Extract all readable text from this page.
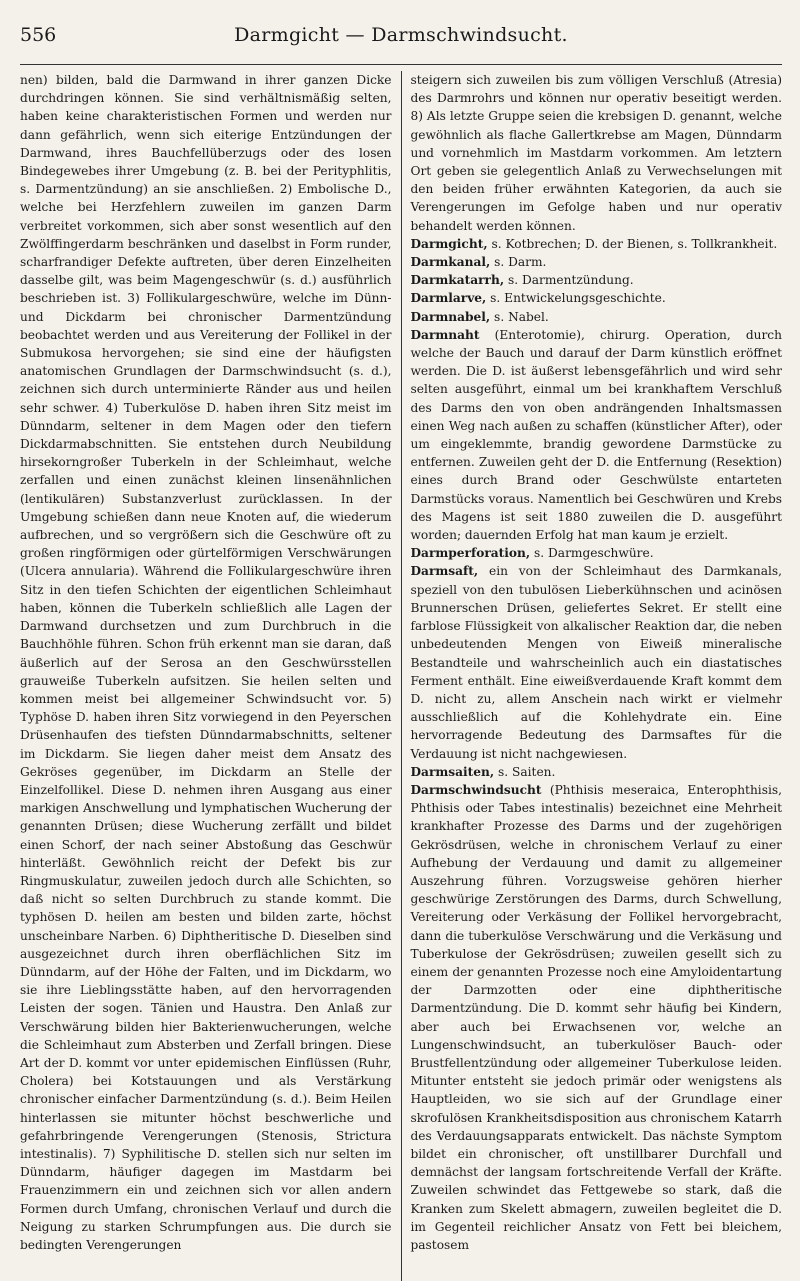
556	Darmgicht — Darmschwindsucht.

nen) bilden, bald die Darmwand in ihrer ganzen Dicke durchdringen können. Sie sind verhältnismäßig selten, haben keine charakteristischen Formen und werden nur dann gefährlich, wenn sich eiterige Entzündungen der Darmwand, ihres Bauchfellüberzugs oder des losen Bindegewebes ihrer Umgebung (z. B. bei der Perityphlitis, s. Darmentzündung) an sie anschließen. 2) Embolische D., welche bei Herzfehlern zuweilen im ganzen Darm verbreitet vorkommen, sich aber sonst wesentlich auf den Zwölffingerdarm beschränken und daselbst in Form runder, scharfrandiger Defekte auftreten, über deren Einzelheiten dasselbe gilt, was beim Magengeschwür (s. d.) ausführlich beschrieben ist. 3) Follikulargeschwüre, welche im Dünn- und Dickdarm bei chronischer Darmentzündung beobachtet werden und aus Vereiterung der Follikel in der Submukosa hervorgehen; sie sind eine der häufigsten anatomischen Grundlagen der Darmschwindsucht (s. d.), zeichnen sich durch unterminierte Ränder aus und heilen sehr schwer. 4) Tuberkulöse D. haben ihren Sitz meist im Dünndarm, seltener in dem Magen oder den tiefern Dickdarmabschnitten. Sie entstehen durch Neubildung hirsekorngroßer Tuberkeln in der Schleimhaut, welche zerfallen und einen zunächst kleinen linsenähnlichen (lentikulären) Substanzverlust zurücklassen. In der Umgebung schießen dann neue Knoten auf, die wiederum aufbrechen, und so vergrößern sich die Geschwüre oft zu großen ringförmigen oder gürtelförmigen Verschwärungen (Ulcera annularia). Während die Follikulargeschwüre ihren Sitz in den tiefen Schichten der eigentlichen Schleimhaut haben, können die Tuberkeln schließlich alle Lagen der Darmwand durchsetzen und zum Durchbruch in die Bauchhöhle führen. Schon früh erkennt man sie daran, daß äußerlich auf der Serosa an den Geschwürsstellen grauweiße Tuberkeln aufsitzen. Sie heilen selten und kommen meist bei allgemeiner Schwindsucht vor. 5) Typhöse D. haben ihren Sitz vorwiegend in den Peyerschen Drüsenhaufen des tiefsten Dünndarmabschnitts, seltener im Dickdarm. Sie liegen daher meist dem Ansatz des Gekröses gegenüber, im Dickdarm an Stelle der Einzelfollikel. Diese D. nehmen ihren Ausgang aus einer markigen Anschwellung und lymphatischen Wucherung der genannten Drüsen; diese Wucherung zerfällt und bildet einen Schorf, der nach seiner Abstoßung das Geschwür hinterläßt. Gewöhnlich reicht der Defekt bis zur Ringmuskulatur, zuweilen jedoch durch alle Schichten, so daß nicht so selten Durchbruch zu stande kommt. Die typhösen D. heilen am besten und bilden zarte, höchst unscheinbare Narben. 6) Diphtheritische D. Dieselben sind ausgezeichnet durch ihren oberflächlichen Sitz im Dünndarm, auf der Höhe der Falten, und im Dickdarm, wo sie ihre Lieblingsstätte haben, auf den hervorragenden Leisten der sogen. Tänien und Haustra. Den Anlaß zur Verschwärung bilden hier Bakterienwucherungen, welche die Schleimhaut zum Absterben und Zerfall bringen. Diese Art der D. kommt vor unter epidemischen Einflüssen (Ruhr, Cholera) bei Kotstauungen und als Verstärkung chronischer einfacher Darmentzündung (s. d.). Beim Heilen hinterlassen sie mitunter höchst beschwerliche und gefahrbringende Verengerungen (Stenosis, Strictura intestinalis). 7) Syphilitische D. stellen sich nur selten im Dünndarm, häufiger dagegen im Mastdarm bei Frauenzimmern ein und zeichnen sich vor allen andern Formen durch Umfang, chronischen Verlauf und durch die Neigung zu starken Schrumpfungen aus. Die durch sie bedingten Verengerungen

steigern sich zuweilen bis zum völligen Verschluß (Atresia) des Darmrohrs und können nur operativ beseitigt werden. 8) Als letzte Gruppe seien die krebsigen D. genannt, welche gewöhnlich als flache Gallertkrebse am Magen, Dünndarm und vornehmlich im Mastdarm vorkommen. Am letztern Ort geben sie gelegentlich Anlaß zu Verwechselungen mit den beiden früher erwähnten Kategorien, da auch sie Verengerungen im Gefolge haben und nur operativ behandelt werden können.

Darmgicht, s. Kotbrechen; D. der Bienen, s. Tollkrankheit.

Darmkanal, s. Darm.

Darmkatarrh, s. Darmentzündung.

Darmlarve, s. Entwickelungsgeschichte.

Darmnabel, s. Nabel.

Darmnaht (Enterotomie), chirurg. Operation, durch welche der Bauch und darauf der Darm künstlich eröffnet werden. Die D. ist äußerst lebensgefährlich und wird sehr selten ausgeführt, einmal um bei krankhaftem Verschluß des Darms den von oben andrängenden Inhaltsmassen einen Weg nach außen zu schaffen (künstlicher After), oder um eingeklemmte, brandig gewordene Darmstücke zu entfernen. Zuweilen geht der D. die Entfernung (Resektion) eines durch Brand oder Geschwülste entarteten Darmstücks voraus. Namentlich bei Geschwüren und Krebs des Magens ist seit 1880 zuweilen die D. ausgeführt worden; dauernden Erfolg hat man kaum je erzielt.

Darmperforation, s. Darmgeschwüre.

Darmsaft, ein von der Schleimhaut des Darmkanals, speziell von den tubulösen Lieberkühnschen und acinösen Brunnerschen Drüsen, geliefertes Sekret. Er stellt eine farblose Flüssigkeit von alkalischer Reaktion dar, die neben unbedeutenden Mengen von Eiweiß mineralische Bestandteile und wahrscheinlich auch ein diastatisches Ferment enthält. Eine eiweißverdauende Kraft kommt dem D. nicht zu, allem Anschein nach wirkt er vielmehr ausschließlich auf die Kohlehydrate ein. Eine hervorragende Bedeutung des Darmsaftes für die Verdauung ist nicht nachgewiesen.

Darmsaiten, s. Saiten.

Darmschwindsucht (Phthisis meseraica, Enterophthisis, Phthisis oder Tabes intestinalis) bezeichnet eine Mehrheit krankhafter Prozesse des Darms und der zugehörigen Gekrösdrüsen, welche in chronischem Verlauf zu einer Aufhebung der Verdauung und damit zu allgemeiner Auszehrung führen. Vorzugsweise gehören hierher geschwürige Zerstörungen des Darms, durch Schwellung, Vereiterung oder Verkäsung der Follikel hervorgebracht, dann die tuberkulöse Verschwärung und die Verkäsung und Tuberkulose der Gekrösdrüsen; zuweilen gesellt sich zu einem der genannten Prozesse noch eine Amyloidentartung der Darmzotten oder eine diphtheritische Darmentzündung. Die D. kommt sehr häufig bei Kindern, aber auch bei Erwachsenen vor, welche an Lungenschwindsucht, an tuberkulöser Bauch- oder Brustfellentzündung oder allgemeiner Tuberkulose leiden. Mitunter entsteht sie jedoch primär oder wenigstens als Hauptleiden, wo sie sich auf der Grundlage einer skrofulösen Krankheitsdisposition aus chronischem Katarrh des Verdauungsapparats entwickelt. Das nächste Symptom bildet ein chronischer, oft unstillbarer Durchfall und demnächst der langsam fortschreitende Verfall der Kräfte. Zuweilen schwindet das Fettgewebe so stark, daß die Kranken zum Skelett abmagern, zuweilen begleitet die D. im Gegenteil reichlicher Ansatz von Fett bei bleichem, pastosem
